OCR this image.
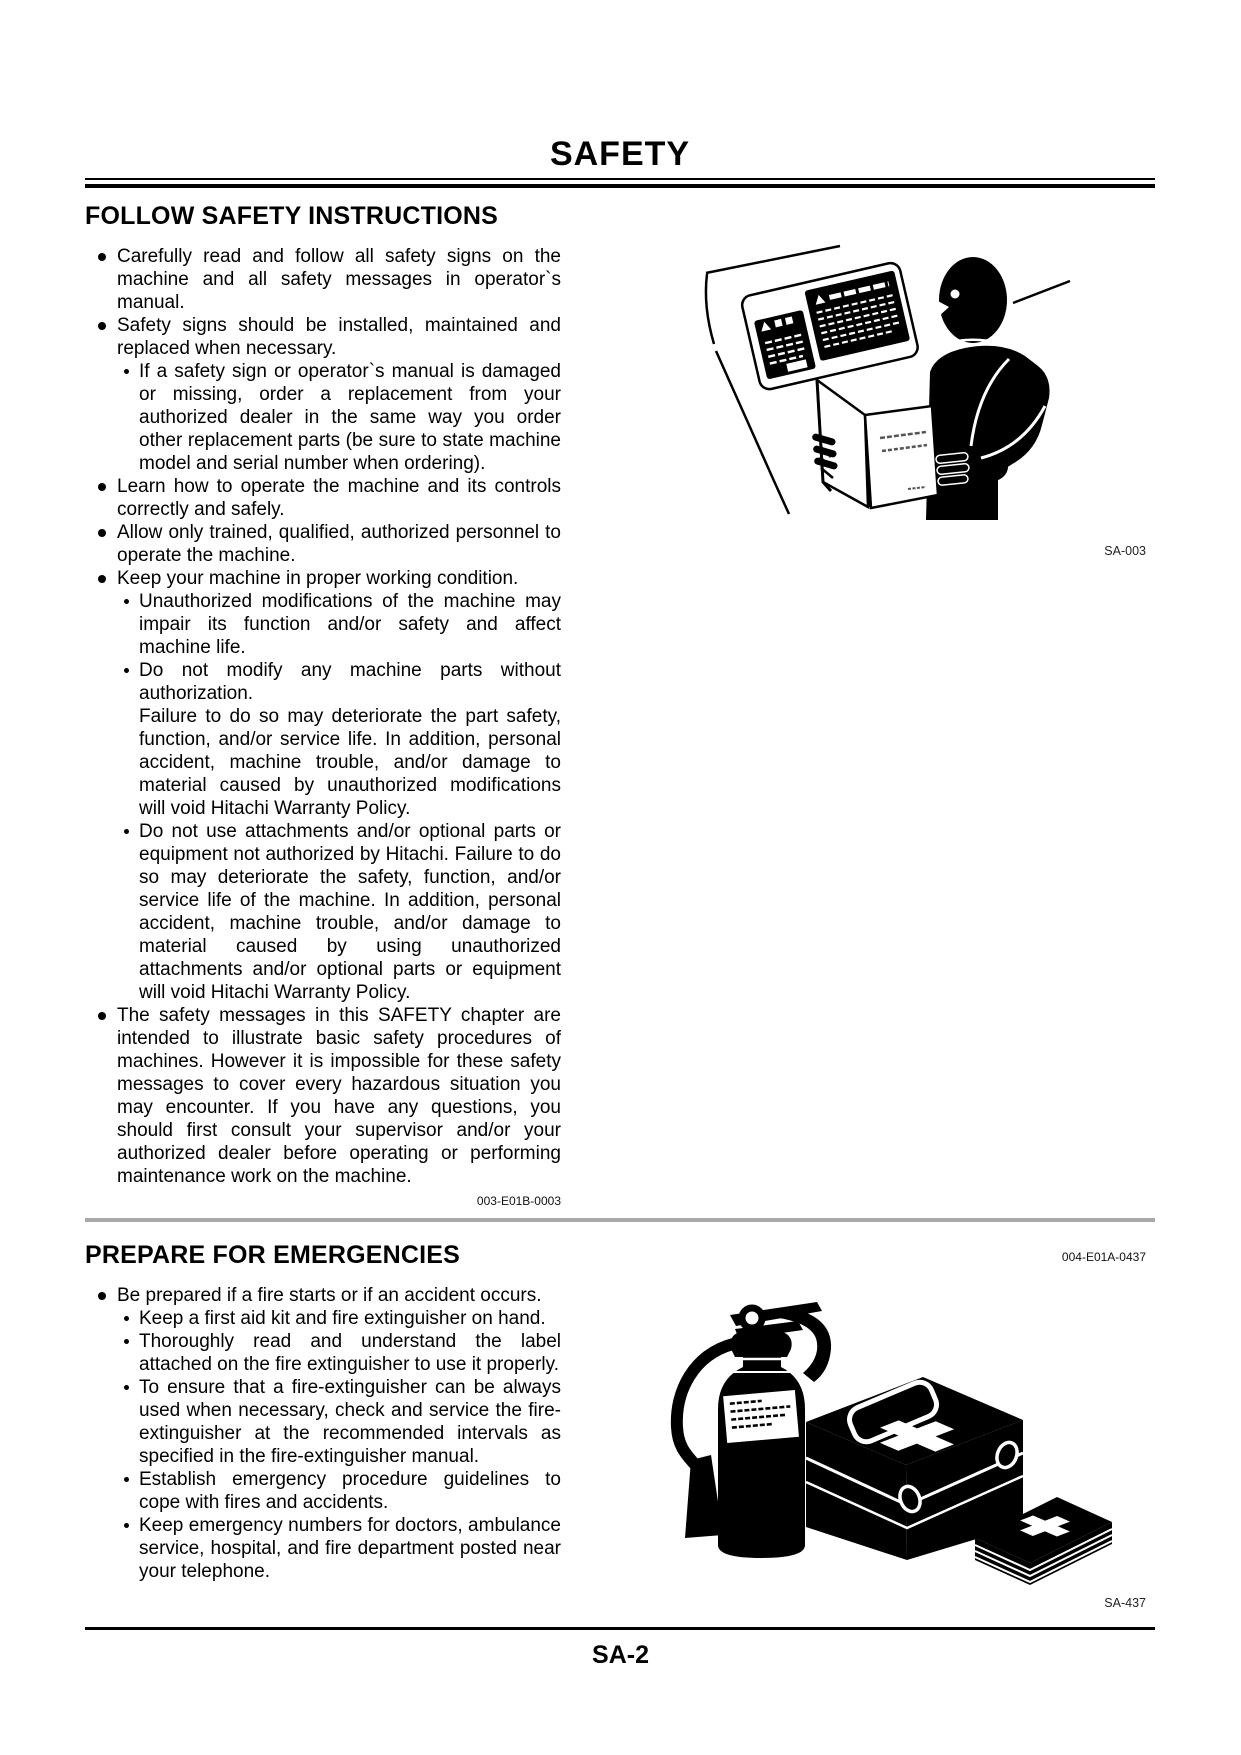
SAFETY
FOLLOW SAFETY INSTRUCTIONS
Carefully read and follow all safety signs on the machine and all safety messages in operator`s manual.
Safety signs should be installed, maintained and replaced when necessary.
If a safety sign or operator`s manual is damaged or missing, order a replacement from your authorized dealer in the same way you order other replacement parts (be sure to state machine model and serial number when ordering).
Learn how to operate the machine and its controls correctly and safely.
Allow only trained, qualified, authorized personnel to operate the machine.
Keep your machine in proper working condition.
Unauthorized modifications of the machine may impair its function and/or safety and affect machine life.
Do not modify any machine parts without authorization.
Failure to do so may deteriorate the part safety, function, and/or service life. In addition, personal accident, machine trouble, and/or damage to material caused by unauthorized modifications will void Hitachi Warranty Policy.
Do not use attachments and/or optional parts or equipment not authorized by Hitachi. Failure to do so may deteriorate the safety, function, and/or service life of the machine. In addition, personal accident, machine trouble, and/or damage to material caused by using unauthorized attachments and/or optional parts or equipment will void Hitachi Warranty Policy.
The safety messages in this SAFETY chapter are intended to illustrate basic safety procedures of machines. However it is impossible for these safety messages to cover every hazardous situation you may encounter. If you have any questions, you should first consult your supervisor and/or your authorized dealer before operating or performing maintenance work on the machine.
003-E01B-0003
PREPARE FOR EMERGENCIES
Be prepared if a fire starts or if an accident occurs.
Keep a first aid kit and fire extinguisher on hand.
Thoroughly read and understand the label attached on the fire extinguisher to use it properly.
To ensure that a fire-extinguisher can be always used when necessary, check and service the fire-extinguisher at the recommended intervals as specified in the fire-extinguisher manual.
Establish emergency procedure guidelines to cope with fires and accidents.
Keep emergency numbers for doctors, ambulance service, hospital, and fire department posted near your telephone.
004-E01A-0437
SA-003
SA-437
SA-2
